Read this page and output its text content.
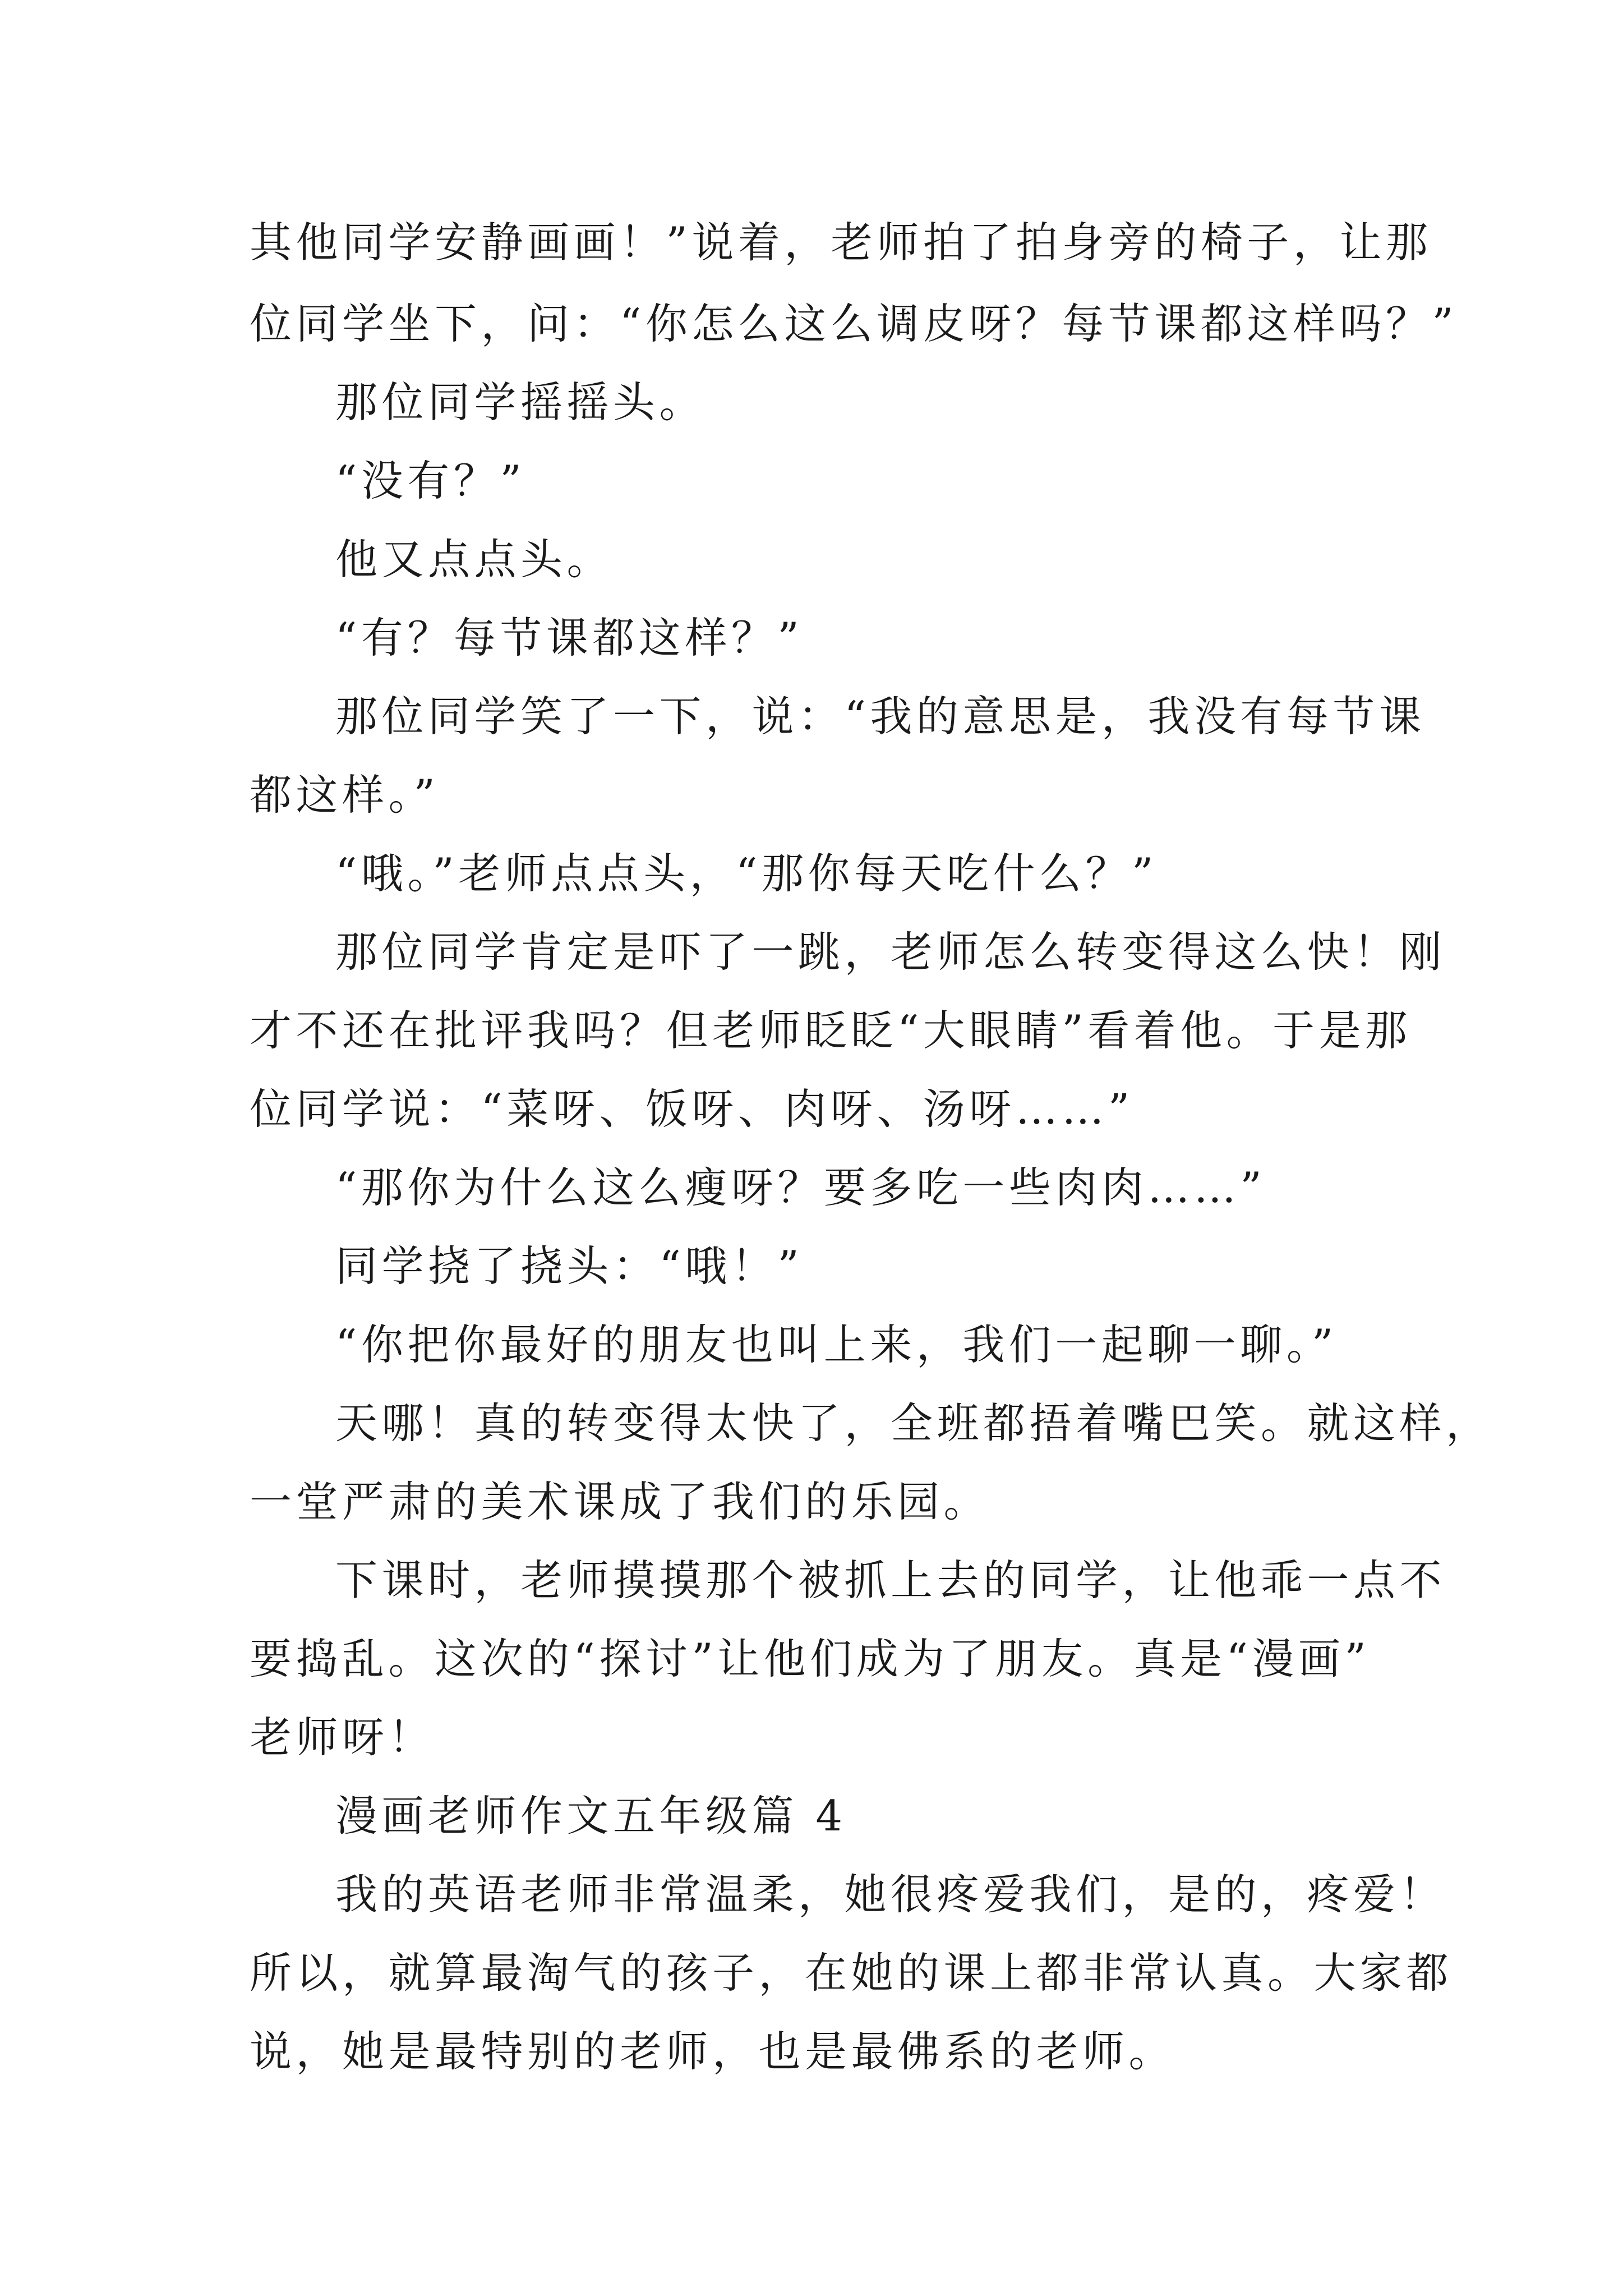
其他同学安静画画！”说着，老师拍了拍身旁的椅子，让那
位同学坐下，问：“你怎么这么调皮呀？每节课都这样吗？”
那位同学摇摇头。
“没有？”
他又点点头。
“有？每节课都这样？”
那位同学笑了一下，说：“我的意思是，我没有每节课
都这样。”
“哦。”老师点点头，“那你每天吃什么？”
那位同学肯定是吓了一跳，老师怎么转变得这么快！刚
才不还在批评我吗？但老师眨眨“大眼睛”看着他。于是那
位同学说：“菜呀、饭呀、肉呀、汤呀……”
“那你为什么这么瘦呀？要多吃一些肉肉……”
同学挠了挠头：“哦！”
“你把你最好的朋友也叫上来，我们一起聊一聊。”
天哪！真的转变得太快了，全班都捂着嘴巴笑。就这样，
一堂严肃的美术课成了我们的乐园。
下课时，老师摸摸那个被抓上去的同学，让他乖一点不
要捣乱。这次的“探讨”让他们成为了朋友。真是“漫画”
老师呀！
漫画老师作文五年级篇 4
我的英语老师非常温柔，她很疼爱我们，是的，疼爱！
所以，就算最淘气的孩子，在她的课上都非常认真。大家都
说，她是最特别的老师，也是最佛系的老师。
